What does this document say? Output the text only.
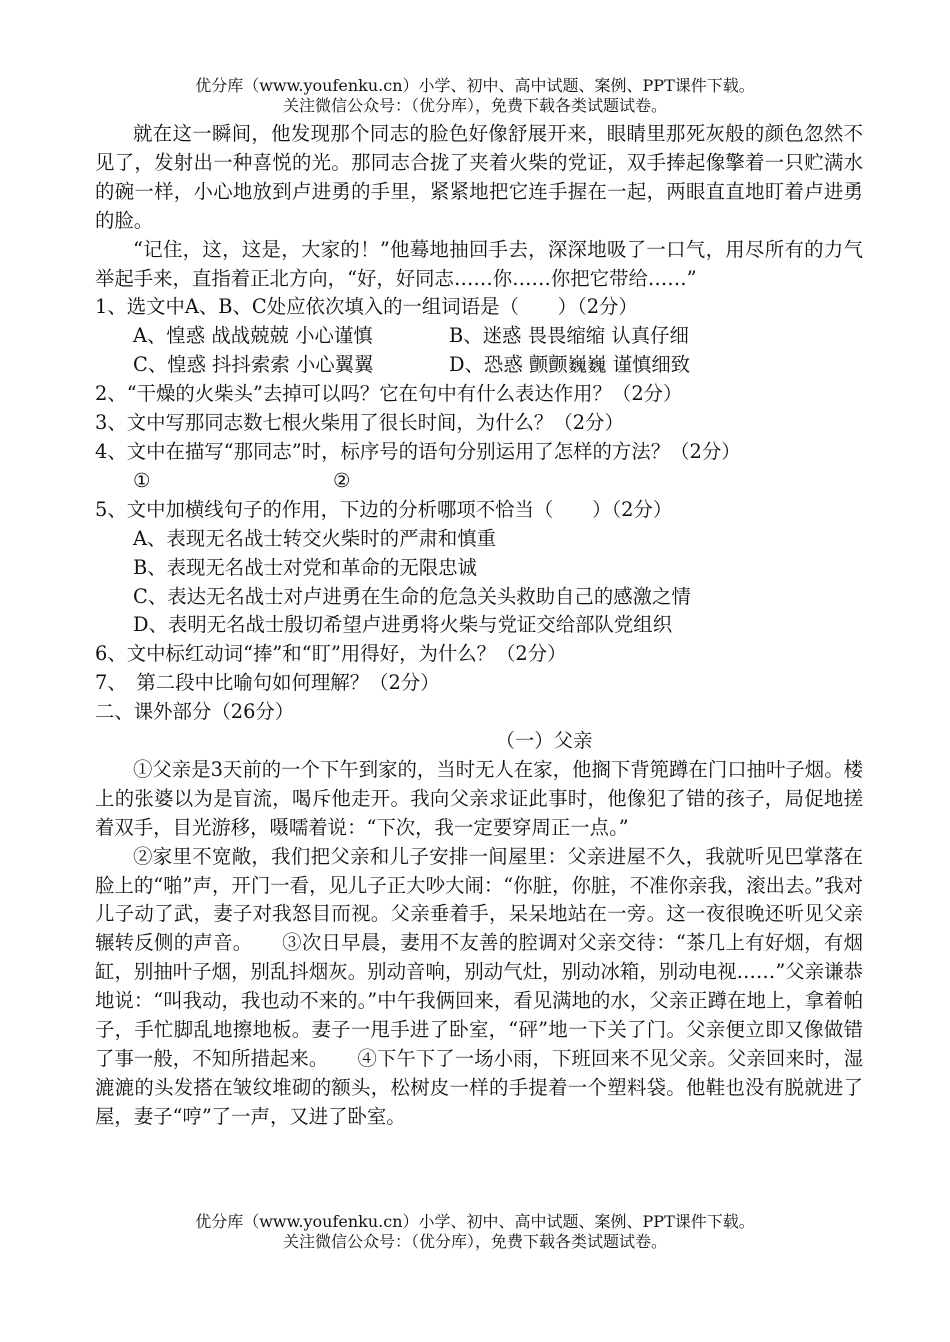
优分库（www.youfenku.cn）小学、初中、高中试题、案例、PPT课件下载。
关注微信公众号：（优分库），免费下载各类试题试卷。

就在这一瞬间，他发现那个同志的脸色好像舒展开来，眼睛里那死灰般的颜色忽然不见了，发射出一种喜悦的光。那同志合拢了夹着火柴的党证，双手捧起像擎着一只贮满水的碗一样，小心地放到卢进勇的手里，紧紧地把它连手握在一起，两眼直直地盯着卢进勇的脸。

“记住，这，这是，大家的！”他蓦地抽回手去，深深地吸了一口气，用尽所有的力气举起手来，直指着正北方向，“好，好同志……你……你把它带给……”

1、选文中A、B、C处应依次填入的一组词语是（　　）（2分）

A、惶惑 战战兢兢 小心谨慎	B、迷惑 畏畏缩缩 认真仔细
C、惶惑 抖抖索索 小心翼翼	D、恐惑 颤颤巍巍 谨慎细致

2、“干燥的火柴头”去掉可以吗？它在句中有什么表达作用？（2分）

3、文中写那同志数七根火柴用了很长时间，为什么？（2分）

4、文中在描写“那同志”时，标序号的语句分别运用了怎样的方法？（2分）

①	②

5、文中加横线句子的作用，下边的分析哪项不恰当（　　）（2分）

A、表现无名战士转交火柴时的严肃和慎重

B、表现无名战士对党和革命的无限忠诚

C、表达无名战士对卢进勇在生命的危急关头救助自己的感激之情

D、表明无名战士殷切希望卢进勇将火柴与党证交给部队党组织

6、文中标红动词“捧”和“盯”用得好，为什么？（2分）

7、　第二段中比喻句如何理解？（2分）

二、课外部分（26分）

（一）父亲

①父亲是3天前的一个下午到家的，当时无人在家，他搁下背篼蹲在门口抽叶子烟。楼上的张婆以为是盲流，喝斥他走开。我向父亲求证此事时，他像犯了错的孩子，局促地搓着双手，目光游移，嗫嚅着说：“下次，我一定要穿周正一点。”

②家里不宽敞，我们把父亲和儿子安排一间屋里：父亲进屋不久，我就听见巴掌落在脸上的“啪”声，开门一看，见儿子正大吵大闹：“你脏，你脏，不准你亲我，滚出去。”我对儿子动了武，妻子对我怒目而视。父亲垂着手，呆呆地站在一旁。这一夜很晚还听见父亲辗转反侧的声音。　　③次日早晨，妻用不友善的腔调对父亲交待：“茶几上有好烟，有烟缸，别抽叶子烟，别乱抖烟灰。别动音响，别动气灶，别动冰箱，别动电视……”父亲谦恭地说：“叫我动，我也动不来的。”中午我俩回来，看见满地的水，父亲正蹲在地上，拿着帕子，手忙脚乱地擦地板。妻子一甩手进了卧室，“砰”地一下关了门。父亲便立即又像做错了事一般，不知所措起来。　　④下午下了一场小雨，下班回来不见父亲。父亲回来时，湿漉漉的头发搭在皱纹堆砌的额头，松树皮一样的手提着一个塑料袋。他鞋也没有脱就进了屋，妻子“哼”了一声，又进了卧室。

优分库（www.youfenku.cn）小学、初中、高中试题、案例、PPT课件下载。
关注微信公众号：（优分库），免费下载各类试题试卷。
